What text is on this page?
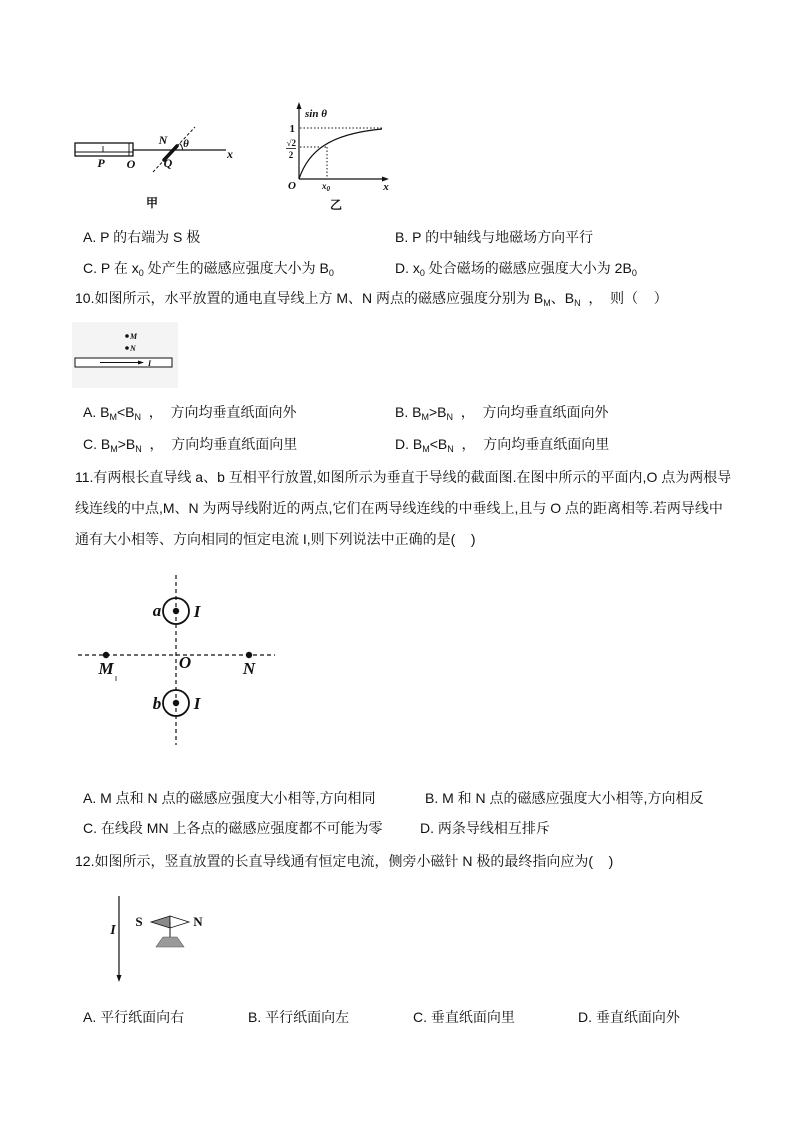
P O
N θ
Q
x
甲
sin θ
1
√2
2
O	$x_0$	x
乙
A. P 的右端为 S 极	B. P 的中轴线与地磁场方向平行
C. P 在 $x_0$ 处产生的磁感应强度大小为 $B_0$	D. $x_0$ 处合磁场的磁感应强度大小为 $2B_0$
10.如图所示，水平放置的通电直导线上方 M、N 两点的磁感应强度分别为 $B_M$、$B_N$  ，  则（    ）
M
N
I
A. $B_M<B_N$  ，  方向均垂直纸面向外	B. $B_M>B_N$  ，  方向均垂直纸面向外
C. $B_M>B_N$  ，  方向均垂直纸面向里	D. $B_M<B_N$  ，  方向均垂直纸面向里
11.有两根长直导线 a、b 互相平行放置,如图所示为垂直于导线的截面图.在图中所示的平面内,O 点为两根导
线连线的中点,M、N 为两导线附近的两点,它们在两导线连线的中垂线上,且与 O 点的距离相等.若两导线中
通有大小相等、方向相同的恒定电流 I,则下列说法中正确的是(    )
a I
b I
M	O	N
A. M 点和 N 点的磁感应强度大小相等,方向相同	B. M 和 N 点的磁感应强度大小相等,方向相反
C. 在线段 MN 上各点的磁感应强度都不可能为零	D. 两条导线相互排斥
12.如图所示，竖直放置的长直导线通有恒定电流，侧旁小磁针 N 极的最终指向应为(    )
I
S	N
A. 平行纸面向右	B. 平行纸面向左	C. 垂直纸面向里	D. 垂直纸面向外
